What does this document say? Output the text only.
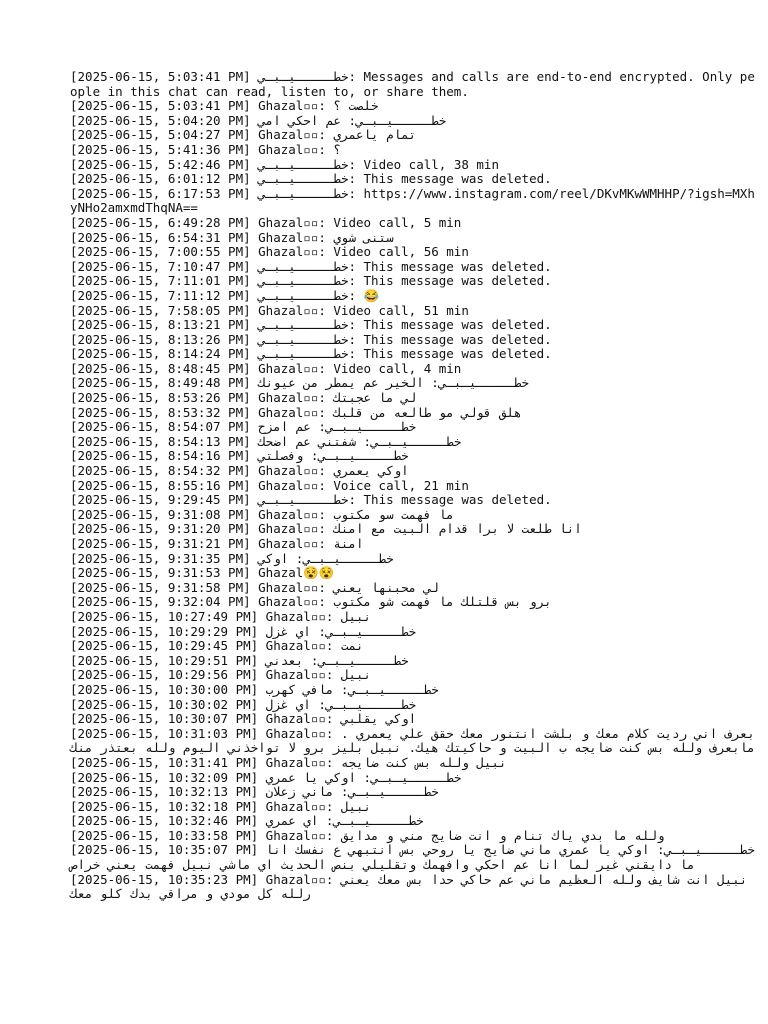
[2025-06-15, 5:03:41 PM] خطـــــيـبـي: Messages and calls are end-to-end encrypted. Only people in this chat can read, listen to, or share them.
[2025-06-15, 5:03:41 PM] Ghazal▫▫: خلصت ؟
[2025-06-15, 5:04:20 PM] خطـــــيـبـي: عم احكي امي
[2025-06-15, 5:04:27 PM] Ghazal▫▫: تمام ياعمري
[2025-06-15, 5:41:36 PM] Ghazal▫▫: ؟
[2025-06-15, 5:42:46 PM] خطـــــيـبـي: Video call, 38 min
[2025-06-15, 6:01:12 PM] خطـــــيـبـي: This message was deleted.
[2025-06-15, 6:17:53 PM] خطـــــيـبـي: https://www.instagram.com/reel/DKvMKwWMHHP/?igsh=MXhyNHo2amxmdThqNA==
[2025-06-15, 6:49:28 PM] Ghazal▫▫: Video call, 5 min
[2025-06-15, 6:54:31 PM] Ghazal▫▫: ستنى شوي
[2025-06-15, 7:00:55 PM] Ghazal▫▫: Video call, 56 min
[2025-06-15, 7:10:47 PM] خطـــــيـبـي: This message was deleted.
[2025-06-15, 7:11:01 PM] خطـــــيـبـي: This message was deleted.
[2025-06-15, 7:11:12 PM] خطـــــيـبـي: 😂
[2025-06-15, 7:58:05 PM] Ghazal▫▫: Video call, 51 min
[2025-06-15, 8:13:21 PM] خطـــــيـبـي: This message was deleted.
[2025-06-15, 8:13:26 PM] خطـــــيـبـي: This message was deleted.
[2025-06-15, 8:14:24 PM] خطـــــيـبـي: This message was deleted.
[2025-06-15, 8:48:45 PM] Ghazal▫▫: Video call, 4 min
[2025-06-15, 8:49:48 PM] خطـــــيـبـي: الخير عم يمطر من عيونك
[2025-06-15, 8:53:26 PM] Ghazal▫▫: لي ما عجبتك
[2025-06-15, 8:53:32 PM] Ghazal▫▫: هلق قولي مو طالعه من قلبك
[2025-06-15, 8:54:07 PM] خطـــــيـبـي: عم امزح
[2025-06-15, 8:54:13 PM] خطـــــيـبـي: شفتني عم اضحك
[2025-06-15, 8:54:16 PM] خطـــــيـبـي: وفصلتي
[2025-06-15, 8:54:32 PM] Ghazal▫▫: اوكي يعمري
[2025-06-15, 8:55:16 PM] Ghazal▫▫: Voice call, 21 min
[2025-06-15, 9:29:45 PM] خطـــــيـبـي: This message was deleted.
[2025-06-15, 9:31:08 PM] Ghazal▫▫: ما فهمت سو مكتوب
[2025-06-15, 9:31:20 PM] Ghazal▫▫: انا طلعت لا برا قدام البيت مع امنك
[2025-06-15, 9:31:21 PM] Ghazal▫▫: امنة
[2025-06-15, 9:31:35 PM] خطـــــيـبـي: اوكي
[2025-06-15, 9:31:53 PM] Ghazal😵😵
[2025-06-15, 9:31:58 PM] Ghazal▫▫: لي محبنها يعني
[2025-06-15, 9:32:04 PM] Ghazal▫▫: برو بس قلتلك ما فهمت شو مكتوب
[2025-06-15, 10:27:49 PM] Ghazal▫▫: نبيل
[2025-06-15, 10:29:29 PM] خطـــــيـبـي: اي غزل
[2025-06-15, 10:29:45 PM] Ghazal▫▫: نمت
[2025-06-15, 10:29:51 PM] خطـــــيـبـي: بعدني
[2025-06-15, 10:29:56 PM] Ghazal▫▫: نبيل
[2025-06-15, 10:30:00 PM] خطـــــيـبـي: مافي كهرب
[2025-06-15, 10:30:02 PM] خطـــــيـبـي: اي غزل
[2025-06-15, 10:30:07 PM] Ghazal▫▫: اوكي يقلبي
[2025-06-15, 10:31:03 PM] Ghazal▫▫: بعرف اني رديت كلام معك و بلشت انتنور معك حقق علي يعمري . مابعرف ولله بس كنت ضايجه ب البيت و حاكيتك هيك. نبيل بليز برو لا تواخذني اليوم ولله بعتذر منك
[2025-06-15, 10:31:41 PM] Ghazal▫▫: نبيل ولله بس كنت ضايجه
[2025-06-15, 10:32:09 PM] خطـــــيـبـي: اوكي يا عمري
[2025-06-15, 10:32:13 PM] خطـــــيـبـي: ماني زعلان
[2025-06-15, 10:32:18 PM] Ghazal▫▫: نبيل
[2025-06-15, 10:32:46 PM] خطـــــيـبـي: اي عمري
[2025-06-15, 10:33:58 PM] Ghazal▫▫: ولله ما بدي ياك تنام و انت ضايج مني و مدايق
[2025-06-15, 10:35:07 PM] خطـــــيـبـي: اوكي يا عمري ماني ضايج يا روحي بس انتبهي ع نفسك انا ما دايقني غير لما انا عم احكي وافهمك وتقليلي بنص الحديث اي ماشي نبيل فهمت يعني خراص
[2025-06-15, 10:35:23 PM] Ghazal▫▫: نبيل انت شايف ولله العظيم ماني عم حاكي حدا بس معك يعني رلله كل مودي و مراقي بدك كلو معك
